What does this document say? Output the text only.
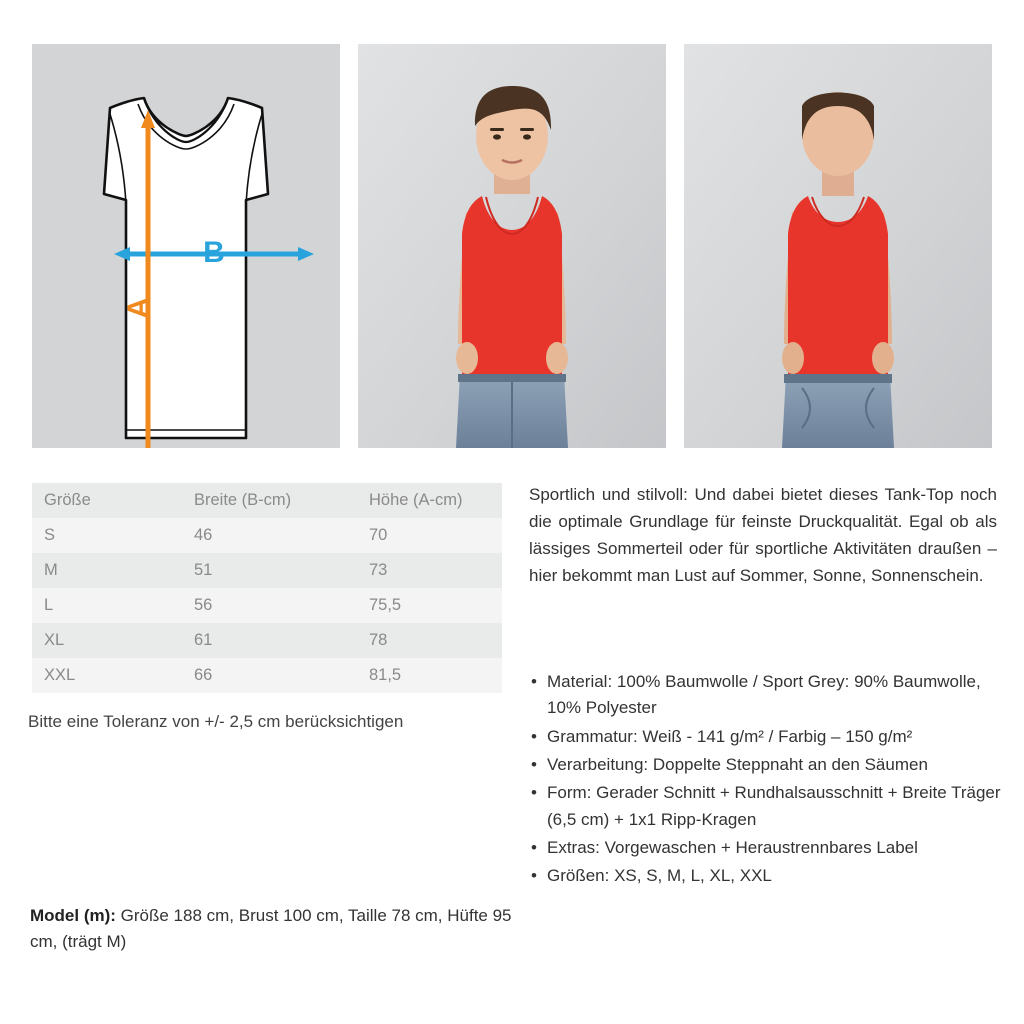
B
A
Größe	Breite (B-cm)	Höhe (A-cm)
S	46	70
M	51	73
L	56	75,5
XL	61	78
XXL	66	81,5
Bitte eine Toleranz von +/- 2,5 cm berücksichtigen
Model (m): Größe 188 cm, Brust 100 cm, Taille 78 cm, Hüfte 95 cm, (trägt M)
Sportlich und stilvoll: Und dabei bietet dieses Tank-Top noch die optimale Grundlage für feinste Druckqualität. Egal ob als lässiges Sommerteil oder für sportliche Aktivitäten draußen – hier bekommt man Lust auf Sommer, Sonne, Sonnenschein.
• Material: 100% Baumwolle / Sport Grey: 90% Baumwolle, 10% Polyester
• Grammatur: Weiß - 141 g/m² / Farbig – 150 g/m²
• Verarbeitung: Doppelte Steppnaht an den Säumen
• Form: Gerader Schnitt + Rundhalsausschnitt + Breite Träger (6,5 cm) + 1x1 Ripp-Kragen
• Extras: Vorgewaschen + Heraustrennbares Label
• Größen: XS, S, M, L, XL, XXL
